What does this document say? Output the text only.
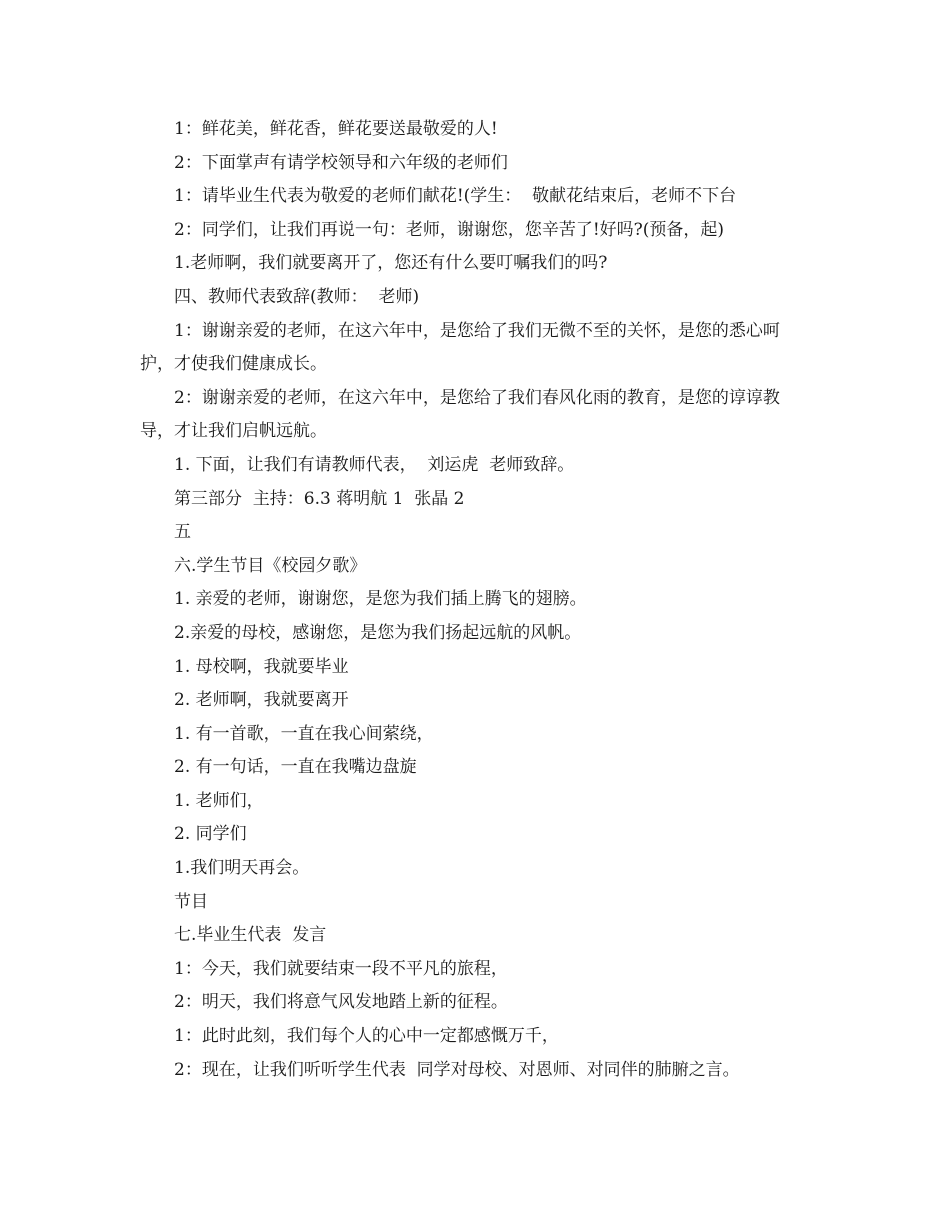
1：鲜花美，鲜花香，鲜花要送最敬爱的人!

2：下面掌声有请学校领导和六年级的老师们

1：请毕业生代表为敬爱的老师们献花!(学生：  敬献花结束后，老师不下台

2：同学们，让我们再说一句：老师，谢谢您，您辛苦了!好吗?(预备，起)

1.老师啊，我们就要离开了，您还有什么要叮嘱我们的吗?

四、教师代表致辞(教师：  老师)

1：谢谢亲爱的老师，在这六年中，是您给了我们无微不至的关怀，是您的悉心呵护，才使我们健康成长。

2：谢谢亲爱的老师，在这六年中，是您给了我们春风化雨的教育，是您的谆谆教导，才让我们启帆远航。

1. 下面，让我们有请教师代表，  刘运虎  老师致辞。

第三部分  主持：6.3 蒋明航 1  张晶 2

五

六.学生节目《校园夕歌》

1. 亲爱的老师，谢谢您，是您为我们插上腾飞的翅膀。

2.亲爱的母校，感谢您，是您为我们扬起远航的风帆。

1. 母校啊，我就要毕业

2. 老师啊，我就要离开

1. 有一首歌，一直在我心间萦绕，

2. 有一句话，一直在我嘴边盘旋

1. 老师们，

2. 同学们

1.我们明天再会。

节目

七.毕业生代表  发言

1：今天，我们就要结束一段不平凡的旅程，

2：明天，我们将意气风发地踏上新的征程。

1：此时此刻，我们每个人的心中一定都感慨万千，

2：现在，让我们听听学生代表  同学对母校、对恩师、对同伴的肺腑之言。
